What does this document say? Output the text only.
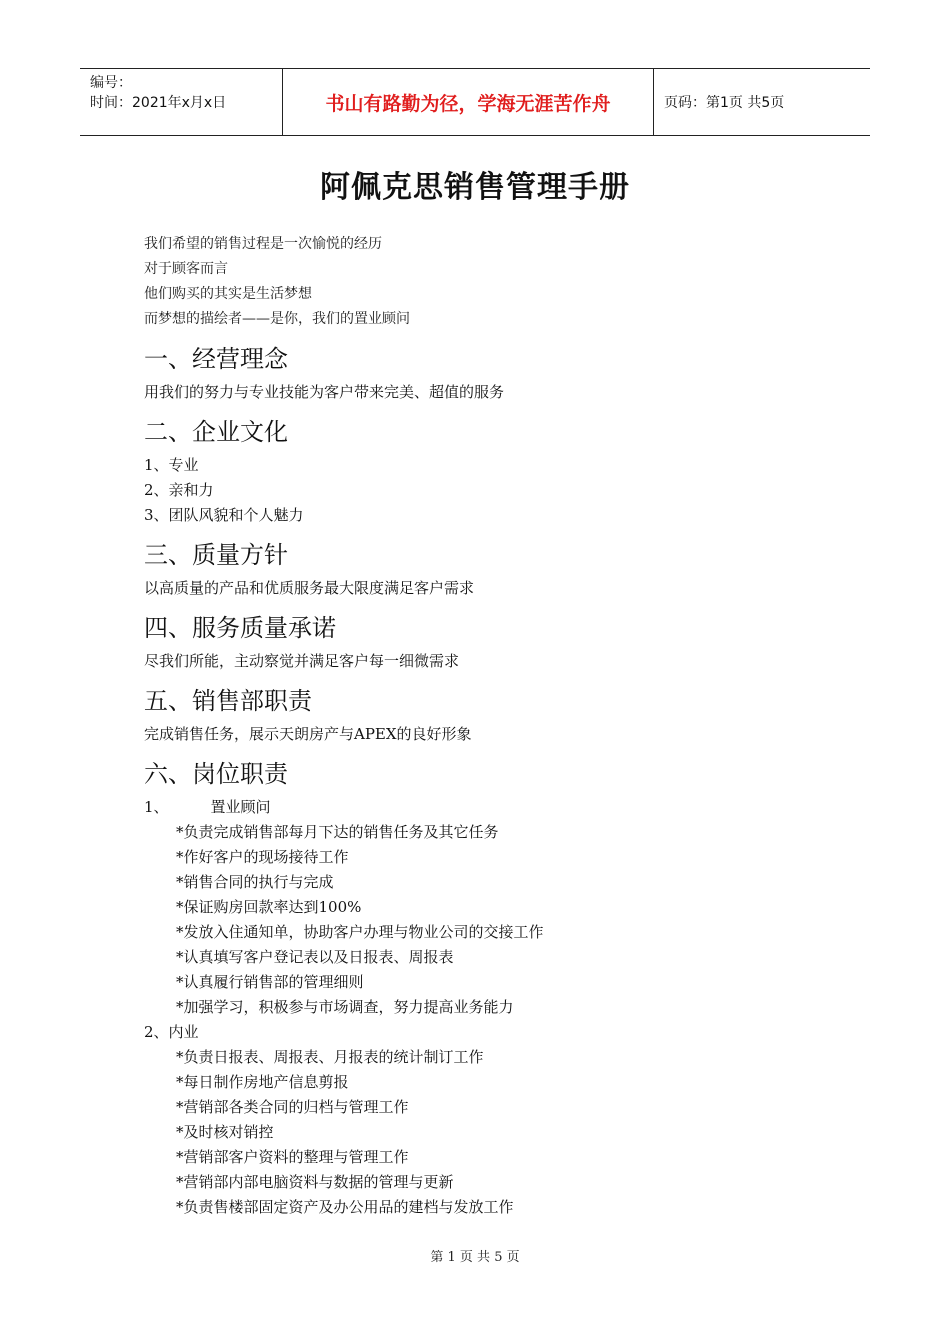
编号：
时间：2021年x月x日	书山有路勤为径，学海无涯苦作舟	页码：第1页 共5页
阿佩克思销售管理手册
我们希望的销售过程是一次愉悦的经历
对于顾客而言
他们购买的其实是生活梦想
而梦想的描绘者——是你，我们的置业顾问
一、经营理念
用我们的努力与专业技能为客户带来完美、超值的服务
二、企业文化
1、专业
2、亲和力
3、团队风貌和个人魅力
三、质量方针
以高质量的产品和优质服务最大限度满足客户需求
四、服务质量承诺
尽我们所能，主动察觉并满足客户每一细微需求
五、销售部职责
完成销售任务，展示天朗房产与APEX的良好形象
六、岗位职责
1、	置业顾问
*负责完成销售部每月下达的销售任务及其它任务
*作好客户的现场接待工作
*销售合同的执行与完成
*保证购房回款率达到100%
*发放入住通知单，协助客户办理与物业公司的交接工作
*认真填写客户登记表以及日报表、周报表
*认真履行销售部的管理细则
*加强学习，积极参与市场调查，努力提高业务能力
2、内业
*负责日报表、周报表、月报表的统计制订工作
*每日制作房地产信息剪报
*营销部各类合同的归档与管理工作
*及时核对销控
*营销部客户资料的整理与管理工作
*营销部内部电脑资料与数据的管理与更新
*负责售楼部固定资产及办公用品的建档与发放工作
第 1 页 共 5 页
